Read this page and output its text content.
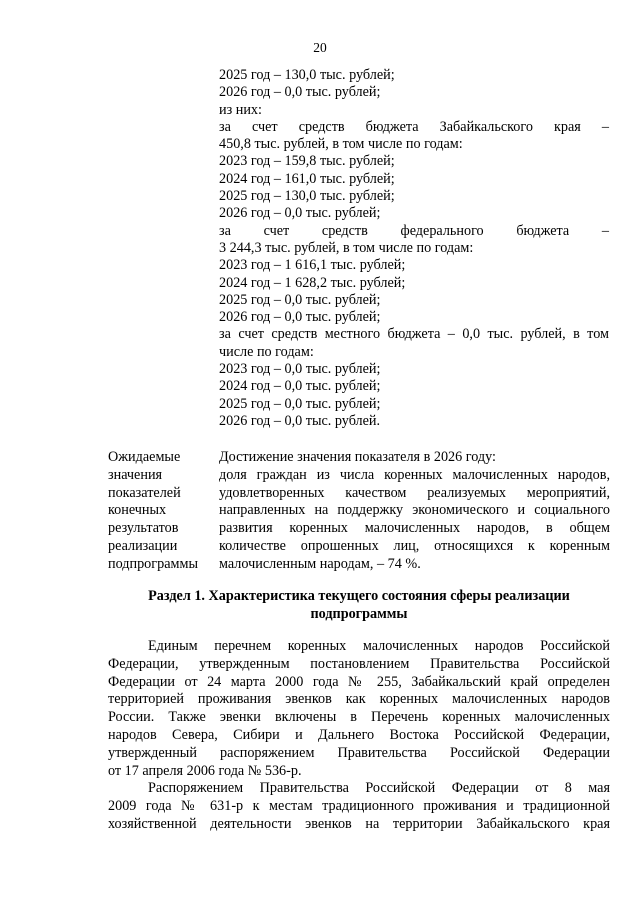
20
2025 год – 130,0 тыс. рублей;
2026 год – 0,0 тыс. рублей;
из них:
за счет средств бюджета Забайкальского края –
450,8 тыс. рублей, в том числе по годам:
2023 год – 159,8 тыс. рублей;
2024 год – 161,0 тыс. рублей;
2025 год – 130,0 тыс. рублей;
2026 год – 0,0 тыс. рублей;
за счет средств федерального бюджета –
3 244,3 тыс. рублей, в том числе по годам:
2023 год – 1 616,1 тыс. рублей;
2024 год – 1 628,2 тыс. рублей;
2025 год – 0,0 тыс. рублей;
2026 год – 0,0 тыс. рублей;
за счет средств местного бюджета – 0,0 тыс. рублей, в том
числе по годам:
2023 год – 0,0 тыс. рублей;
2024 год – 0,0 тыс. рублей;
2025 год – 0,0 тыс. рублей;
2026 год – 0,0 тыс. рублей.
Ожидаемые
значения
показателей
конечных
результатов
реализации
подпрограммы
Достижение значения показателя в 2026 году:
доля граждан из числа коренных малочисленных народов,
удовлетворенных качеством реализуемых мероприятий,
направленных на поддержку экономического и социального
развития коренных малочисленных народов, в общем
количестве опрошенных лиц, относящихся к коренным
малочисленным народам, – 74 %.
Раздел 1. Характеристика текущего состояния сферы реализации
подпрограммы
Единым перечнем коренных малочисленных народов Российской
Федерации, утвержденным постановлением Правительства Российской
Федерации от 24 марта 2000 года № 255, Забайкальский край определен
территорией проживания эвенков как коренных малочисленных народов
России. Также эвенки включены в Перечень коренных малочисленных
народов Севера, Сибири и Дальнего Востока Российской Федерации,
утвержденный распоряжением Правительства Российской Федерации
от 17 апреля 2006 года № 536-р.
Распоряжением Правительства Российской Федерации от 8 мая
2009 года № 631-р к местам традиционного проживания и традиционной
хозяйственной деятельности эвенков на территории Забайкальского края
